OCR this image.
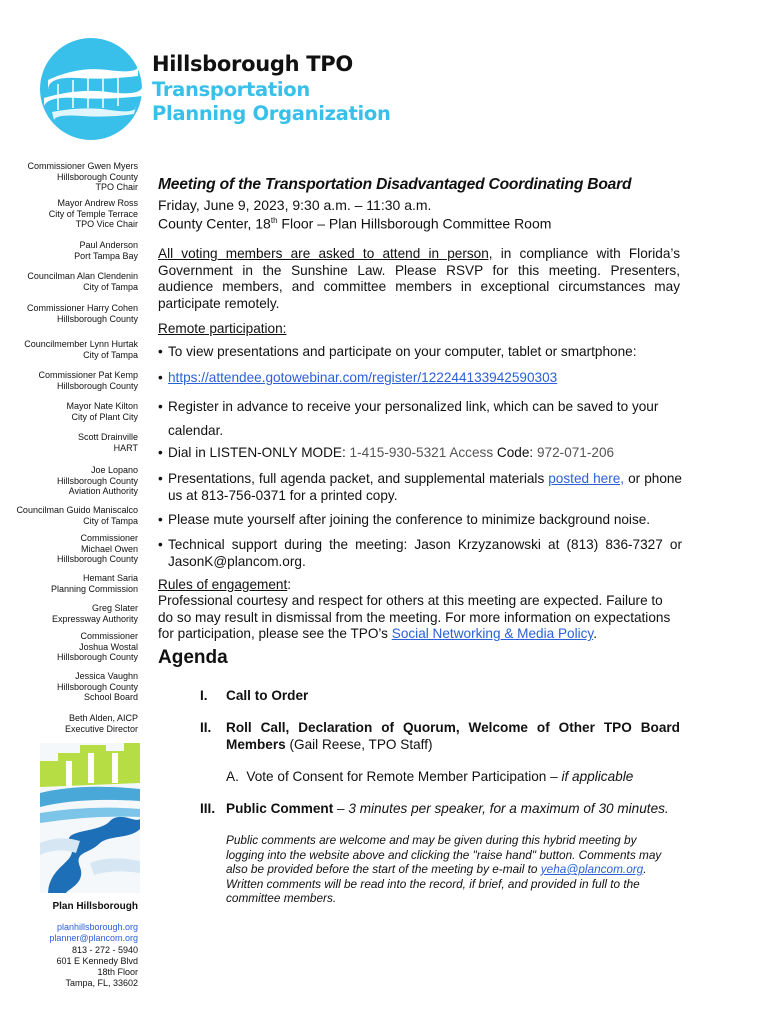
Hillsborough TPO
Transportation
Planning Organization
Commissioner Gwen Myers
Hillsborough County
TPO Chair
Mayor Andrew Ross
City of Temple Terrace
TPO Vice Chair
Paul Anderson
Port Tampa Bay
Councilman Alan Clendenin
City of Tampa
Commissioner Harry Cohen
Hillsborough County
Councilmember Lynn Hurtak
City of Tampa
Commissioner Pat Kemp
Hillsborough County
Mayor Nate Kilton
City of Plant City
Scott Drainville
HART
Joe Lopano
Hillsborough County
Aviation Authority
Councilman Guido Maniscalco
City of Tampa
Commissioner
Michael Owen
Hillsborough County
Hemant Saria
Planning Commission
Greg Slater
Expressway Authority
Commissioner
Joshua Wostal
Hillsborough County
Jessica Vaughn
Hillsborough County
School Board
Beth Alden, AICP
Executive Director
Plan Hillsborough
planhillsborough.org
planner@plancom.org
813 - 272 - 5940
601 E Kennedy Blvd
18th Floor
Tampa, FL, 33602
Meeting of the Transportation Disadvantaged Coordinating Board
Friday, June 9, 2023, 9:30 a.m. – 11:30 a.m.
County Center, 18th Floor – Plan Hillsborough Committee Room
All voting members are asked to attend in person, in compliance with Florida’s Government in the Sunshine Law. Please RSVP for this meeting. Presenters, audience members, and committee members in exceptional circumstances may participate remotely.
Remote participation:
• To view presentations and participate on your computer, tablet or smartphone:
• https://attendee.gotowebinar.com/register/122244133942590303
• Register in advance to receive your personalized link, which can be saved to your calendar.
• Dial in LISTEN-ONLY MODE: 1-415-930-5321 Access Code: 972-071-206
• Presentations, full agenda packet, and supplemental materials posted here, or phone us at 813-756-0371 for a printed copy.
• Please mute yourself after joining the conference to minimize background noise.
• Technical support during the meeting: Jason Krzyzanowski at (813) 836-7327 or JasonK@plancom.org.
Rules of engagement:
Professional courtesy and respect for others at this meeting are expected. Failure to do so may result in dismissal from the meeting. For more information on expectations for participation, please see the TPO’s Social Networking & Media Policy.
Agenda
I.	Call to Order
II.	Roll Call, Declaration of Quorum, Welcome of Other TPO Board Members (Gail Reese, TPO Staff)
A. Vote of Consent for Remote Member Participation – if applicable
III. Public Comment – 3 minutes per speaker, for a maximum of 30 minutes.
Public comments are welcome and may be given during this hybrid meeting by logging into the website above and clicking the "raise hand" button. Comments may also be provided before the start of the meeting by e-mail to yeha@plancom.org. Written comments will be read into the record, if brief, and provided in full to the committee members.
